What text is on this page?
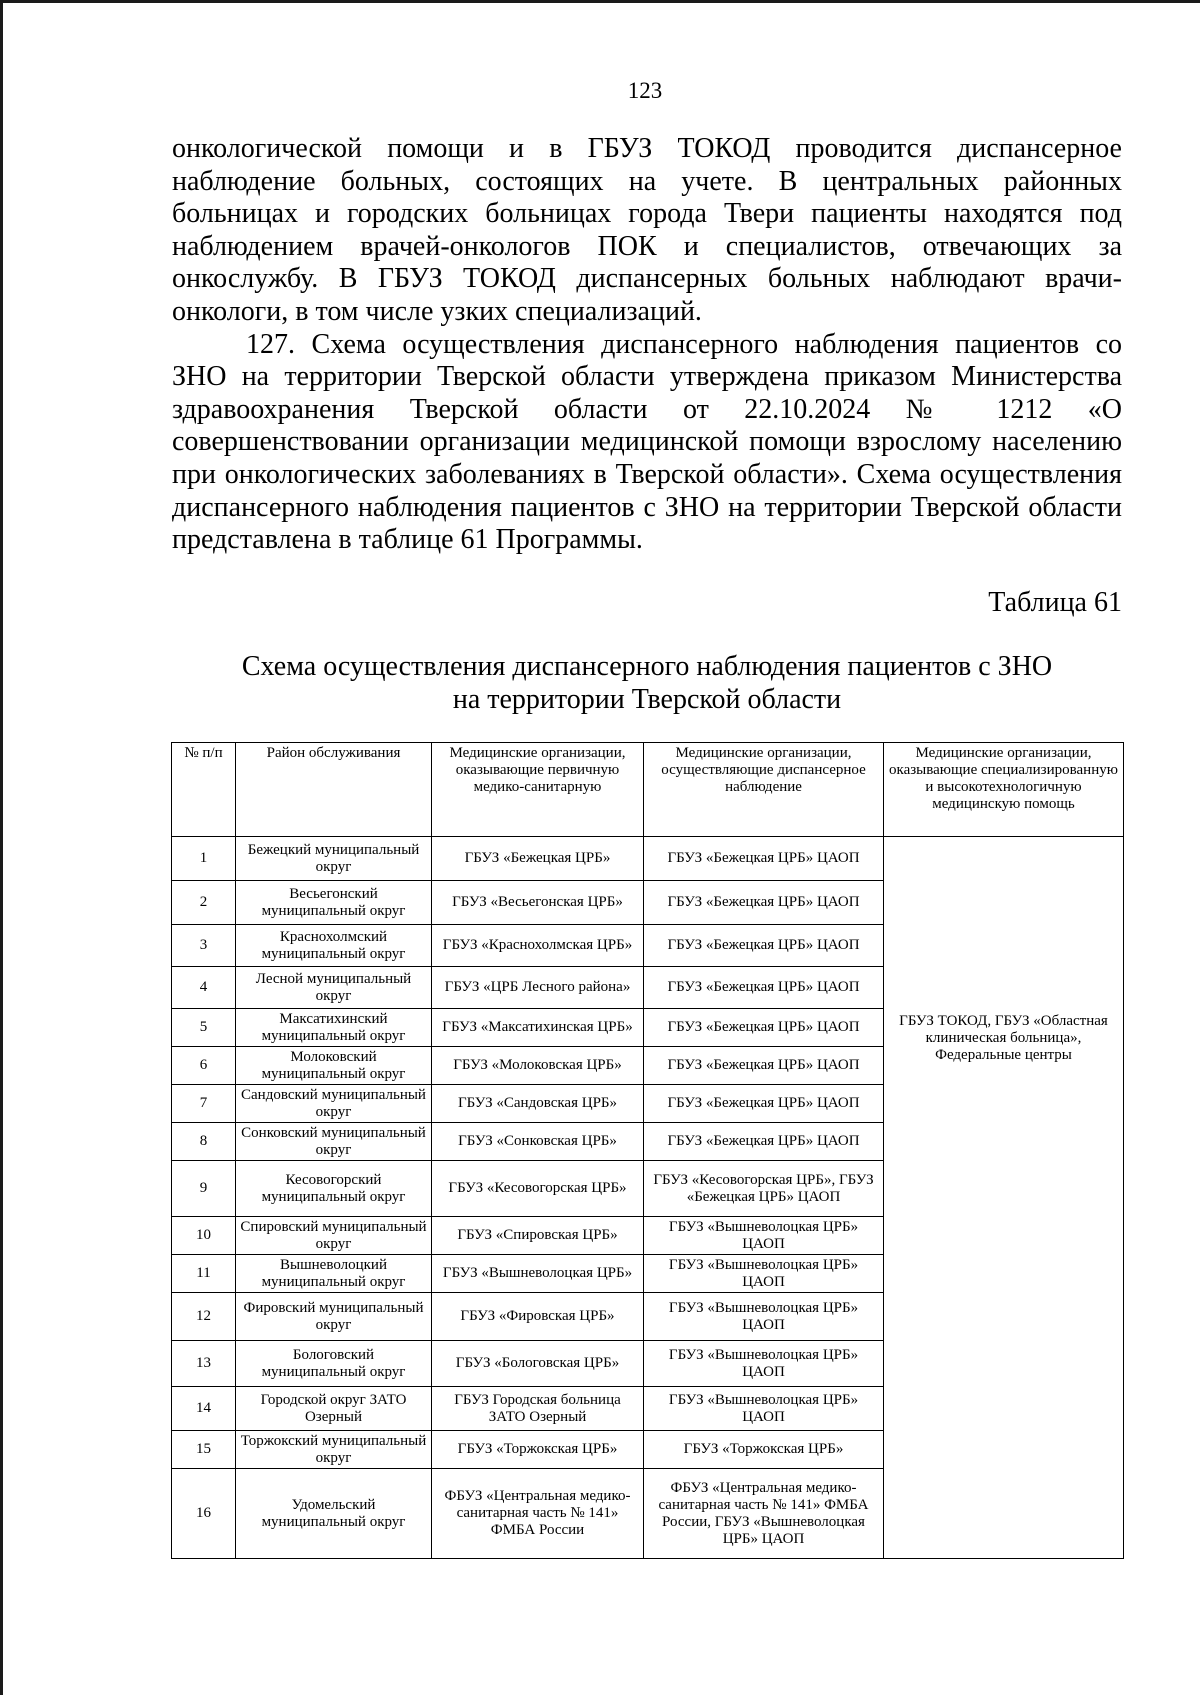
123

онкологической помощи и в ГБУЗ ТОКОД проводится диспансерное наблюдение больных, состоящих на учете. В центральных районных больницах и городских больницах города Твери пациенты находятся под наблюдением врачей-онкологов ПОК и специалистов, отвечающих за онкослужбу. В ГБУЗ ТОКОД диспансерных больных наблюдают врачи-онкологи, в том числе узких специализаций.

127. Схема осуществления диспансерного наблюдения пациентов со ЗНО на территории Тверской области утверждена приказом Министерства здравоохранения Тверской области от 22.10.2024 № 1212 «О совершенствовании организации медицинской помощи взрослому населению при онкологических заболеваниях в Тверской области». Схема осуществления диспансерного наблюдения пациентов с ЗНО на территории Тверской области представлена в таблице 61 Программы.

Таблица 61
Схема осуществления диспансерного наблюдения пациентов с ЗНО
на территории Тверской области
№ п/п	Район обслуживания	Медицинские организации, оказывающие первичную медико-санитарную	Медицинские организации, осуществляющие диспансерное наблюдение	Медицинские организации, оказывающие специализированную и высокотехнологичную медицинскую помощь
1	Бежецкий муниципальный округ	ГБУЗ «Бежецкая ЦРБ»	ГБУЗ «Бежецкая ЦРБ» ЦАОП	ГБУЗ ТОКОД, ГБУЗ «Областная клиническая больница», Федеральные центры
2	Весьегонский муниципальный округ	ГБУЗ «Весьегонская ЦРБ»	ГБУЗ «Бежецкая ЦРБ» ЦАОП	
3	Краснохолмский муниципальный округ	ГБУЗ «Краснохолмская ЦРБ»	ГБУЗ «Бежецкая ЦРБ» ЦАОП	
4	Лесной муниципальный округ	ГБУЗ «ЦРБ Лесного района»	ГБУЗ «Бежецкая ЦРБ» ЦАОП	
5	Максатихинский муниципальный округ	ГБУЗ «Максатихинская ЦРБ»	ГБУЗ «Бежецкая ЦРБ» ЦАОП	
6	Молоковский муниципальный округ	ГБУЗ «Молоковская ЦРБ»	ГБУЗ «Бежецкая ЦРБ» ЦАОП	
7	Сандовский муниципальный округ	ГБУЗ «Сандовская ЦРБ»	ГБУЗ «Бежецкая ЦРБ» ЦАОП	
8	Сонковский муниципальный округ	ГБУЗ «Сонковская ЦРБ»	ГБУЗ «Бежецкая ЦРБ» ЦАОП	
9	Кесовогорский муниципальный округ	ГБУЗ «Кесовогорская ЦРБ»	ГБУЗ «Кесовогорская ЦРБ», ГБУЗ «Бежецкая ЦРБ» ЦАОП	
10	Спировский муниципальный округ	ГБУЗ «Спировская ЦРБ»	ГБУЗ «Вышневолоцкая ЦРБ» ЦАОП	
11	Вышневолоцкий муниципальный округ	ГБУЗ «Вышневолоцкая ЦРБ»	ГБУЗ «Вышневолоцкая ЦРБ» ЦАОП	
12	Фировский муниципальный округ	ГБУЗ «Фировская ЦРБ»	ГБУЗ «Вышневолоцкая ЦРБ» ЦАОП	
13	Бологовский муниципальный округ	ГБУЗ «Бологовская ЦРБ»	ГБУЗ «Вышневолоцкая ЦРБ» ЦАОП	
14	Городской округ ЗАТО Озерный	ГБУЗ Городская больница ЗАТО Озерный	ГБУЗ «Вышневолоцкая ЦРБ» ЦАОП	
15	Торжокский муниципальный округ	ГБУЗ «Торжокская ЦРБ»	ГБУЗ «Торжокская ЦРБ»	
16	Удомельский муниципальный округ	ФБУЗ «Центральная медико-санитарная часть № 141» ФМБА России	ФБУЗ «Центральная медико-санитарная часть № 141» ФМБА России, ГБУЗ «Вышневолоцкая ЦРБ» ЦАОП	
